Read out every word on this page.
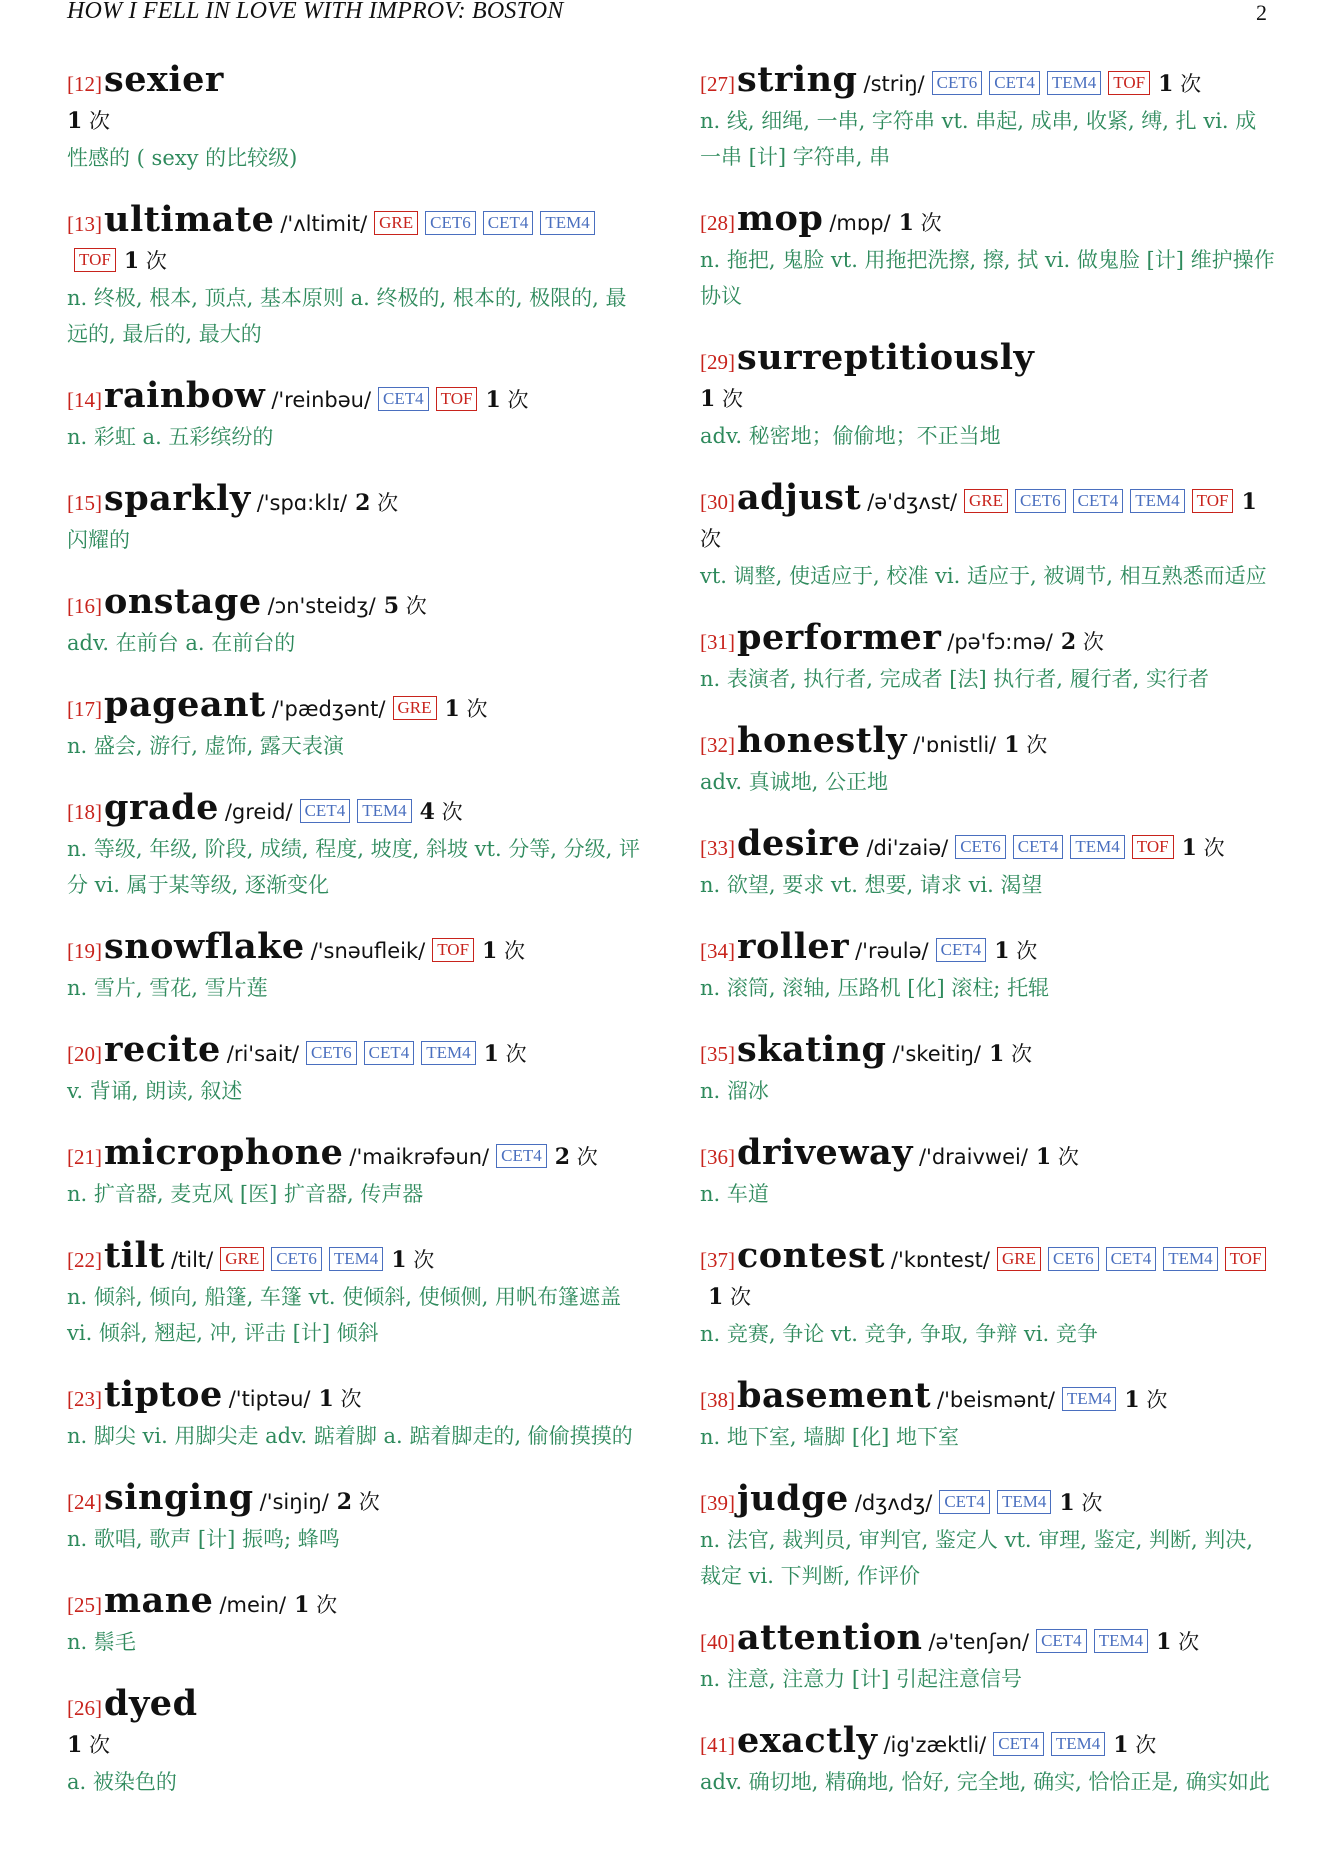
HOW I FELL IN LOVE WITH IMPROV: BOSTON	2
[12]sexier
1 次
性感的 ( sexy 的比较级)
[13]ultimate /'ʌltimit/ GRE CET6 CET4 TEM4TOF 1 次
n. 终极, 根本, 顶点, 基本原则 a. 终极的, 根本的, 极限的, 最远的, 最后的, 最大的
[14]rainbow /'reinbəu/ CET4 TOF 1 次
n. 彩虹 a. 五彩缤纷的
[15]sparkly /'spɑ:klɪ/ 2 次
闪耀的
[16]onstage /ɔn'steidʒ/ 5 次
adv. 在前台 a. 在前台的
[17]pageant /'pædʒənt/ GRE 1 次
n. 盛会, 游行, 虚饰, 露天表演
[18]grade /greid/ CET4 TEM4 4 次
n. 等级, 年级, 阶段, 成绩, 程度, 坡度, 斜坡 vt. 分等, 分级, 评分 vi. 属于某等级, 逐渐变化
[19]snowflake /'snəufleik/ TOF 1 次
n. 雪片, 雪花, 雪片莲
[20]recite /ri'sait/ CET6 CET4 TEM4 1 次
v. 背诵, 朗读, 叙述
[21]microphone /'maikrəfəun/ CET4 2 次
n. 扩音器, 麦克风 [医] 扩音器, 传声器
[22]tilt /tilt/ GRE CET6 TEM4 1 次
n. 倾斜, 倾向, 船篷, 车篷 vt. 使倾斜, 使倾侧, 用帆布篷遮盖 vi. 倾斜, 翘起, 冲, 评击 [计] 倾斜
[23]tiptoe /'tiptəu/ 1 次
n. 脚尖 vi. 用脚尖走 adv. 踮着脚 a. 踮着脚走的, 偷偷摸摸的
[24]singing /'siŋiŋ/ 2 次
n. 歌唱, 歌声 [计] 振鸣; 蜂鸣
[25]mane /mein/ 1 次
n. 鬃毛
[26]dyed
1 次
a. 被染色的
[27]string /striŋ/ CET6 CET4 TEM4 TOF 1 次
n. 线, 细绳, 一串, 字符串 vt. 串起, 成串, 收紧, 缚, 扎 vi. 成一串 [计] 字符串, 串
[28]mop /mɒp/ 1 次
n. 拖把, 鬼脸 vt. 用拖把洗擦, 擦, 拭 vi. 做鬼脸 [计] 维护操作协议
[29]surreptitiously
1 次
adv. 秘密地；偷偷地；不正当地
[30]adjust /ə'dʒʌst/ GRE CET6 CET4 TEM4 TOF 1 次
vt. 调整, 使适应于, 校准 vi. 适应于, 被调节, 相互熟悉而适应
[31]performer /pə'fɔ:mə/ 2 次
n. 表演者, 执行者, 完成者 [法] 执行者, 履行者, 实行者
[32]honestly /'ɒnistli/ 1 次
adv. 真诚地, 公正地
[33]desire /di'zaiə/ CET6 CET4 TEM4 TOF 1 次
n. 欲望, 要求 vt. 想要, 请求 vi. 渴望
[34]roller /'rəulə/ CET4 1 次
n. 滚筒, 滚轴, 压路机 [化] 滚柱; 托辊
[35]skating /'skeitiŋ/ 1 次
n. 溜冰
[36]driveway /'draivwei/ 1 次
n. 车道
[37]contest /'kɒntest/ GRE CET6 CET4 TEM4 TOF1 次
n. 竞赛, 争论 vt. 竞争, 争取, 争辩 vi. 竞争
[38]basement /'beismənt/ TEM4 1 次
n. 地下室, 墙脚 [化] 地下室
[39]judge /dʒʌdʒ/ CET4 TEM4 1 次
n. 法官, 裁判员, 审判官, 鉴定人 vt. 审理, 鉴定, 判断, 判决, 裁定 vi. 下判断, 作评价
[40]attention /ə'tenʃən/ CET4 TEM4 1 次
n. 注意, 注意力 [计] 引起注意信号
[41]exactly /ig'zæktli/ CET4 TEM4 1 次
adv. 确切地, 精确地, 恰好, 完全地, 确实, 恰恰正是, 确实如此
